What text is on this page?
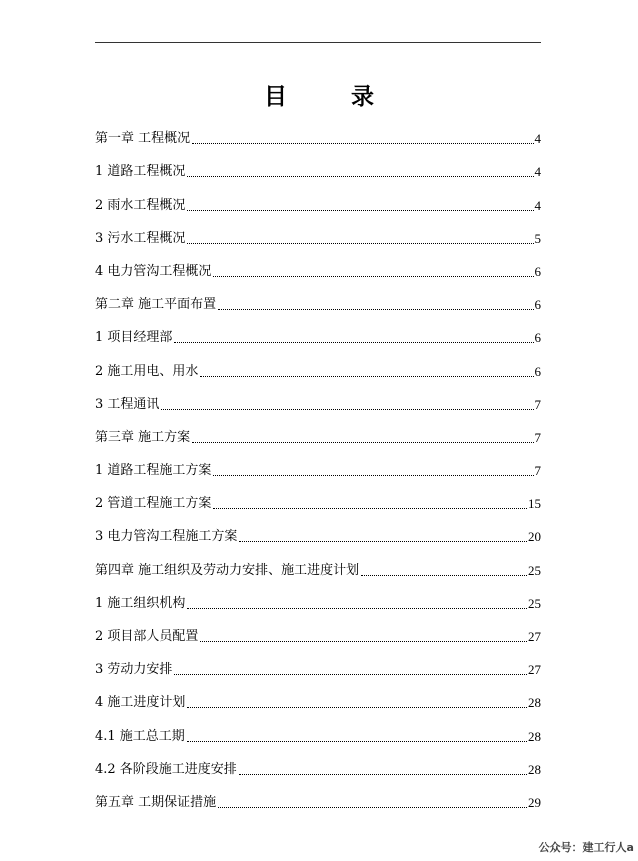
目 录
第一章 工程概况	4
1 道路工程概况	4
2 雨水工程概况	4
3 污水工程概况	5
4 电力管沟工程概况	6
第二章 施工平面布置	6
1 项目经理部	6
2 施工用电、用水	6
3 工程通讯	7
第三章 施工方案	7
1 道路工程施工方案	7
2 管道工程施工方案	15
3 电力管沟工程施工方案	20
第四章 施工组织及劳动力安排、施工进度计划	25
1 施工组织机构	25
2 项目部人员配置	27
3 劳动力安排	27
4 施工进度计划	28
4.1 施工总工期	28
4.2 各阶段施工进度安排	28
第五章 工期保证措施	29
公众号：建工行人a
